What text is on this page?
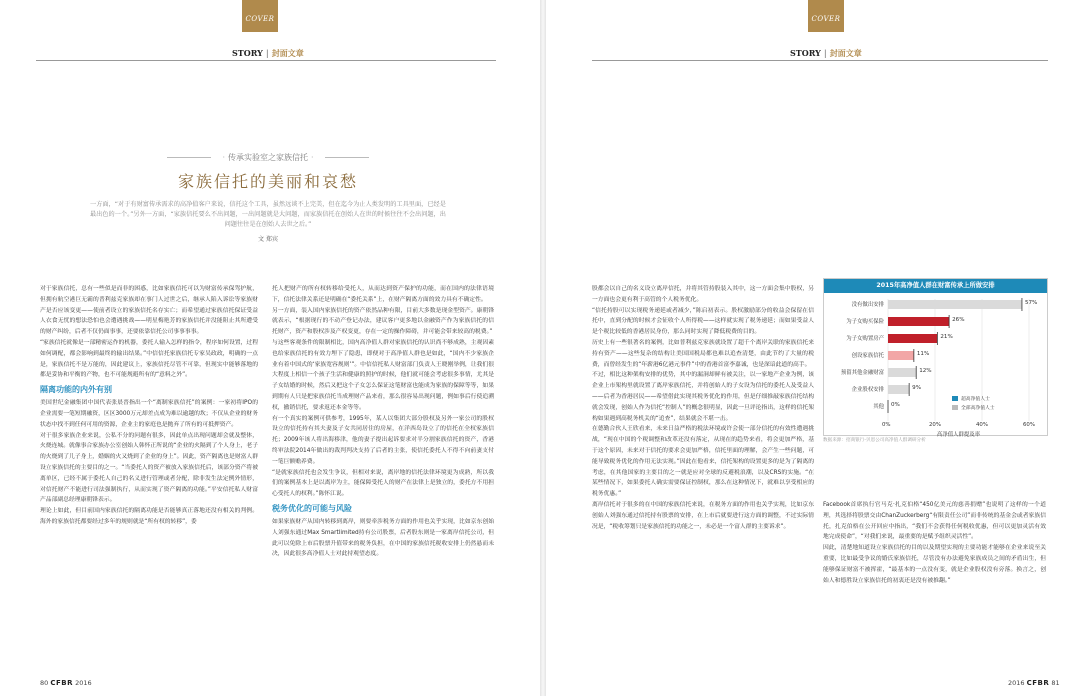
COVER
STORY | 封面文章
· 传承实验室之家族信托 ·
家族信托的美丽和哀愁
一方面，“对于有财富传承需求的高净值客户来说，信托这个工具，虽然远谈不上完美，但在迄今为止人类发明的工具里面，已经是最出色的一个。”另外一方面，“家族信托要么不出问题，一出问题就是大问题，而家族信托在创始人在世的时候往往不会出问题，出问题往往是在创始人去世之后。”
文 郑宾

对于家族信托，总有一些似是而非的困惑，比如家族信托可以为财富传承保驾护航，但拥有航空港巨无霸的普利兹克家族却在事门人过世之后，继承人陷入诉讼等家族财产是否应该变更——使前者设立的家族信托名存实亡；而希望通过家族信托保证受益人衣食无忧的想法恐怕也会遭遇挑战——明星梅艳芳的家族信托并没能阻止其所遭受的财产纠纷，后者不仅仍面事事，还要依靠信托公司事事事事。

“家族信托就像是一部精密运作的机器，委托人输入怎样的指令，程序如何设置，过程如何调配，都会影响到最终的输出结果。”中信信托家族信托专家吴政政，明确的一点是，家族信托不是万能的，因此建议上，家族信托尽管不可靠，但现实中能够落地的都是妥协和平衡的产物，也不可能规避所有的“意料之外”。

隔离功能的内外有别

美国世纪金融集团中国代表张晨晋指出一个“离制家族信托”的案例：一家初将IPO的企业需要一笔短期融资，区区3000万元却差点成为难以逾越的坎；不仅从企业的财务状态中找不到任何可用的资源，企业主的家庭也是抛弃了所有的可抵押资产。

对于很多家族企业来说，公私不分的问题有很多，因此单点出现问题却会就及整体，火烧连城。就像事合家族办公室创始人韩怀正所说的“企业的火隔到了个人身上，老子的火烧到了儿子身上，婚姻的火又烧到了企业的身上”。因此，资产隔离也是财富人群设立家族信托的主要目的之一。“当委托人的资产被放入家族信托后，该部分资产将被离单区，已经不属于委托人自己的名义进行管理或者分配，除非发生法定例外情形，对信托财产不能进行司法强制执行，从而实现了资产隔离的功能。”平安信托私人财富产品部副总经理康朝锋表示。

理论上如此，但目前国内家族信托的隔离功能是否能够真正落地还没有相关的判例。海外的家族信托都要经过多年的规则就是“所有权的转移”，委

托人把财产的所有权转移给受托人，从而达到资产保护的功能，而在国内的法律语境下，信托法律关系还是明确在“委托关系”上，在财产隔离方面的效力具有不确定性。

另一方面，装入国内家族信托的资产依然品种有限，目前大多数是现金型资产。康朝锋就表示，“根据现行的不动产登记办法，建议客户更多地以金融资产作为家族信托的信托财产，资产和股权涉及产权变更，存在一定的操作障碍，并可能会带来较高的税费。”

与这些客观条件的限制相比，国内高净值人群对家族信托的认识尚不够成熟，主观因素也给家族信托的有效力埋下了隐患，即便对于高净值人群也是如此，“国内不少家族企业有着中国式的‘家族宽容规则’”。中信信托私人财富部门负责人王晓刚举例，让我们很大程度上相信一个孩子生活和健康的照护的时候，他们就可能会考虑很多事情，尤其是子女结婚的时候，然后又把这个子女怎么保证这笔财富也能成为家族的保障等等，如果到期有人只是把家族信托当成理财产品来看，那么很容易出现问题，例如事后行使追溯权，撤销信托，要求返还本金等等。

有一个真实的案例可供参考，1995年，某人以集团大部分股权及另外一家公司的股权设立的信托持有其夫妻及子女共同居住的房屋，在洋西岛设立了的信托在全权家族信托；2009年该人将出海移津，他的妻子提出起诉要求对半分割家族信托的资产，香港终审法院2014年做出的裁判判决支持了后者的主张，使信托委托人不得不向前妻支付一笔巨额赡养费。

“是就家族信托也会发生争议，但相对来说，离岸地的信托法律环境更为成熟，所以我们的案例基本上是以离岸为主，能保障受托人的财产在法律上是独立的，委托方不用担心受托人的权利。”陈怀江说。

税务优化的可能与风险

如果家族财产从国内转移到离岸，则要牵涉税务方面的作用也关乎实现，比如京东创始人刘强东通过Max Smartlimited持有公司股票，后者股东则是一家离岸信托公司，但此可以免除上市后股票升值带来的税务负担，在中国的家族信托税收安排上仍然悬而未决，因此很多高净值人士对此持观望态度。

80 CFBR 2016
COVER
STORY | 封面文章

股都会以自己的名义设立离岸信托，并将其管持股装入其中，这一方面会集中股权，另一方面也会更有利于高管的个人税务优化。

“信托持股可以实现税务递延或者减少，”陈启初表示。股权激励部分的收益会保留在信托中，直到分配的时候才会征收个人所得税——这样就实现了税务递延；而如果受益人是个税比较低的香港居民身份，那么同时实现了降低税费的目的。

历史上有一些很著名的案例，比如普利兹克家族就设置了超千个离岸关联的家族信托来持有资产——这些复杂的结构让美国国税局都也难以追查清楚，由此节约了大量的税费，而曾经发生的“年薪港6亿港元事件”中的香港首富李嘉诚，也是深谙此道的高手。

不过，相比这种架构安排的优势，其中的漏洞却鲜有被关注，以一家地产企业为例，该企业上市架构里就设置了离岸家族信托，并将创始人的子女设为信托的委托人及受益人——后者为香港居民——希望借此实现其税务优化的作用，但是仔细推敲家族信托结构就会发现，创始人作为信托“控制人”的概念很明显，因此一旦评论指出，这样的信托架构如果遇到高税务机关的“追查”，结果就会不堪一击。

在德勤合伙人王欣看来，未来日益严格的税法环境或许会使一部分信托的有效性遭遇挑战，“现在中国的个税调整和改革还没有落定，从现在的趋势来看，将会更加严格，基于这个原因，未来对于信托的要求会更加严格，信托里面的理解，会产生一些问题，可能导致税务优化的作用无法实现。”因此在他看来，信托架构的设置更多的是为了隔离的考虑，在其他国家的主要目的之一就是应对全球的反避税浪潮，以及CRS的实施。“在某些情况下，如果委托人确实需要保证控制权，那么在这种情况下，就难以享受相应的税务优惠。”

离岸信托对于很多的在中国的家族信托来说，在税务方面的作用也关乎实现，比如京东创始人刘强东通过信托持有股票的安排，在上市后就要进行这方面的调整，不过实际情况是，“税收筹划只是家族信托的功能之一，未必是一个富人群的主要诉求”。

2015年高净值人群在财富传承上所做安排
0%	20%	40%	60%
没有做出安排	57%
为子女购买保险	26%
为子女购置房产	21%
创设家族信托	11%
预留其他金融财富	12%
企业股权安排	9%
其他 0%
高净值人群提及率
超高净值人士
全部高净值人士
数据来源：招商银行-贝恩公司高净值人群调研分析

Facebook首席执行官马克·扎克伯格“450亿美元的慈善捐赠”也说明了这样的一个道理，其选择将股票交由ChanZuckerberg“有限责任公司”而非传统的基金会或者家族信托，扎克伯格在公开回应中指出，“我们不会获得任何税收优惠，但可以更加灵活有效地完成使命”，“对我们来说，最重要的是赋予组织灵活性”。

因此，清楚地知道设立家族信托的目的以及期望实现的主要功能才能够在企业来说至关重要，比如最受争议的婚氏家族信托，尽管没有办法避免家族成员之间的矛盾出生，但能够保证财富不被挥霍，“最基本的一点没有变，就是企业股权没有旁落。换言之，创始人和德胜设立家族信托的初衷还是没有被推翻。”

2016 CFBR 81
